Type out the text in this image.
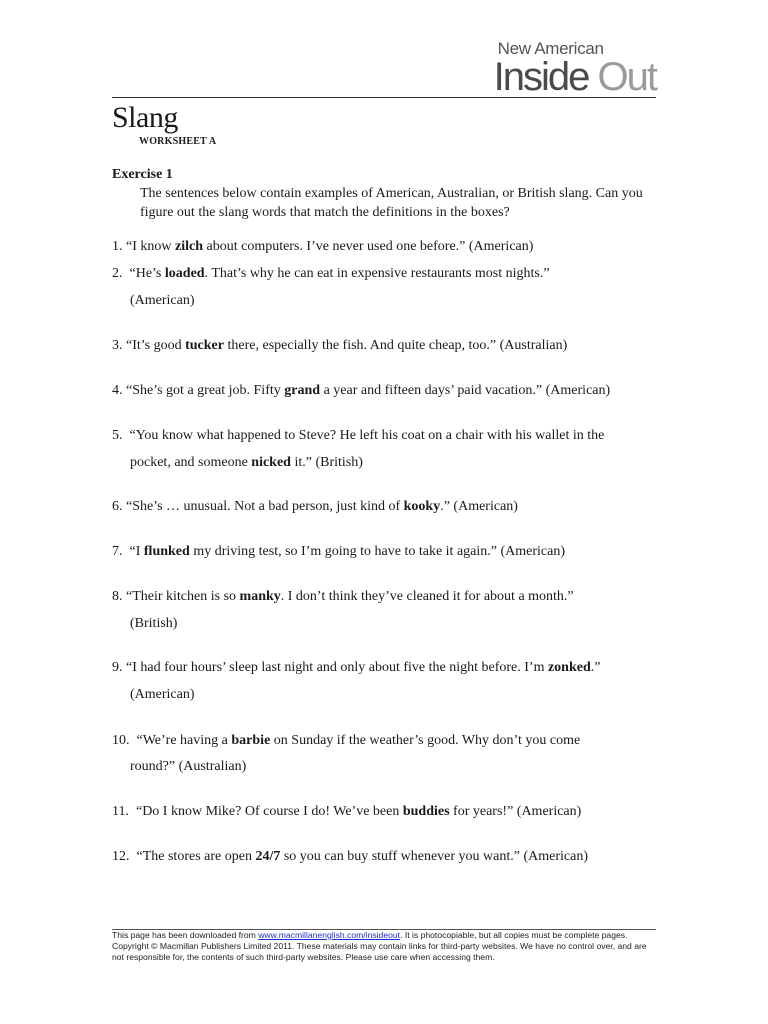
New American
Inside Out
Slang
WORKSHEET A
Exercise 1
The sentences below contain examples of American, Australian, or British slang. Can you figure out the slang words that match the definitions in the boxes?
1. “I know zilch about computers. I’ve never used one before.” (American)
2. “He’s loaded. That’s why he can eat in expensive restaurants most nights.”
(American)
3. “It’s good tucker there, especially the fish. And quite cheap, too.” (Australian)
4. “She’s got a great job. Fifty grand a year and fifteen days’ paid vacation.” (American)
5. “You know what happened to Steve? He left his coat on a chair with his wallet in the
pocket, and someone nicked it.” (British)
6. “She’s … unusual. Not a bad person, just kind of kooky.” (American)
7. “I flunked my driving test, so I’m going to have to take it again.” (American)
8. “Their kitchen is so manky. I don’t think they’ve cleaned it for about a month.”
(British)
9. “I had four hours’ sleep last night and only about five the night before. I’m zonked.”
(American)
10. “We’re having a barbie on Sunday if the weather’s good. Why don’t you come
round?” (Australian)
11. “Do I know Mike? Of course I do! We’ve been buddies for years!” (American)
12. “The stores are open 24/7 so you can buy stuff whenever you want.” (American)
This page has been downloaded from www.macmillanenglish.com/insideout. It is photocopiable, but all copies must be complete pages. Copyright © Macmillan Publishers Limited 2011. These materials may contain links for third-party websites. We have no control over, and are not responsible for, the contents of such third-party websites. Please use care when accessing them.
